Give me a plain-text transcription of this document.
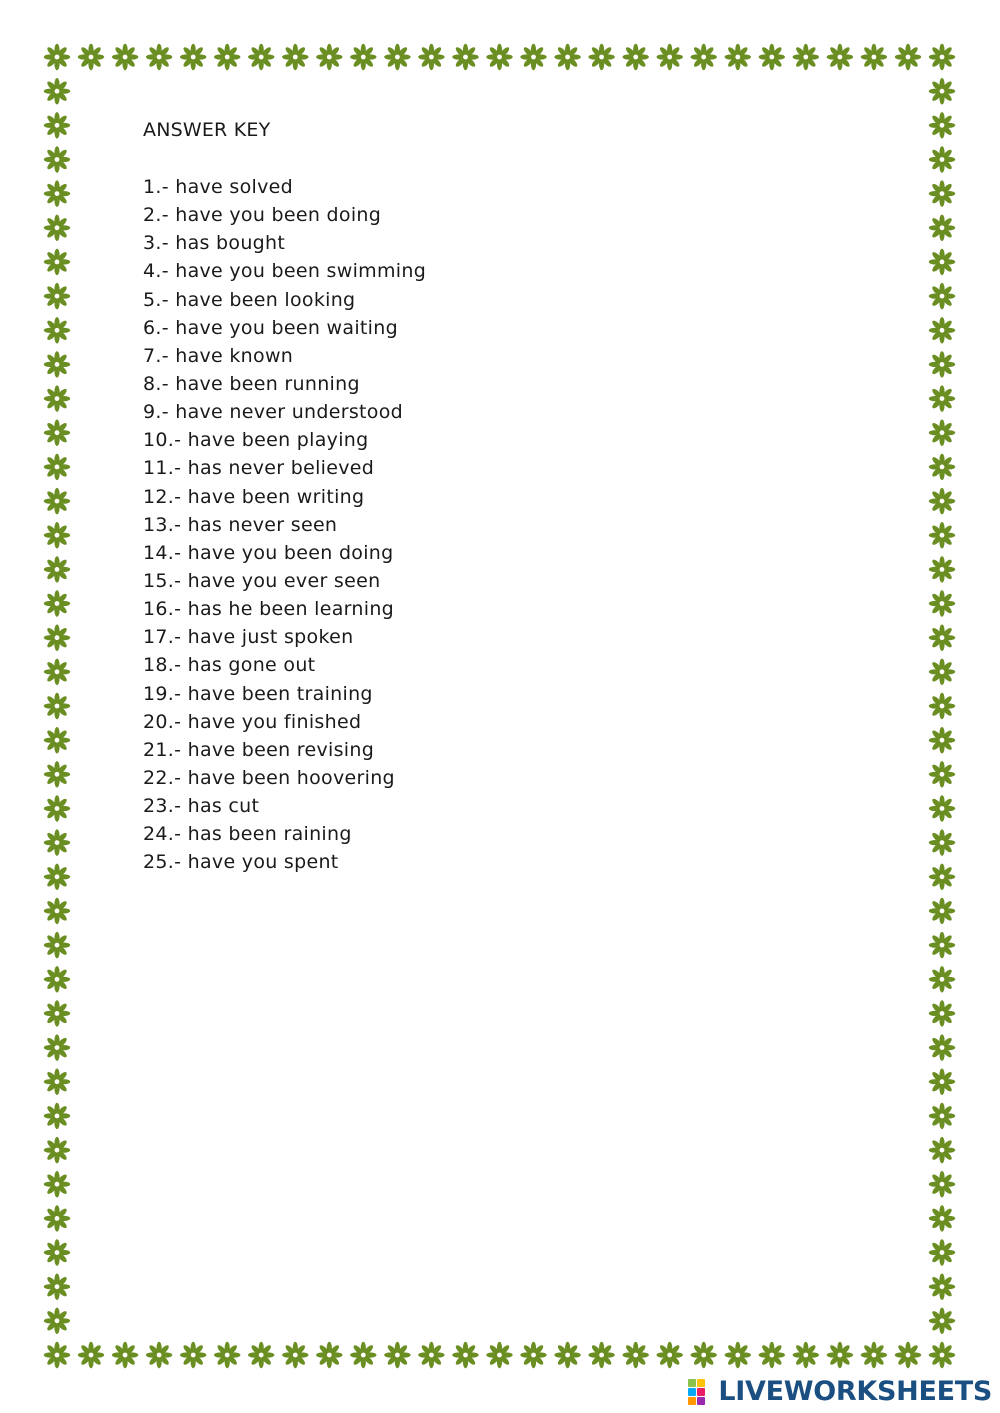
ANSWER KEY
1.- have solved
2.- have you been doing
3.- has bought
4.- have you been swimming
5.- have been looking
6.- have you been waiting
7.- have known
8.- have been running
9.- have never understood
10.- have been playing
11.- has never believed
12.- have been writing
13.- has never seen
14.- have you been doing
15.- have you ever seen
16.- has he been learning
17.- have just spoken
18.- has gone out
19.- have been training
20.- have you finished
21.- have been revising
22.- have been hoovering
23.- has cut
24.- has been raining
25.- have you spent
LIVEWORKSHEETS
